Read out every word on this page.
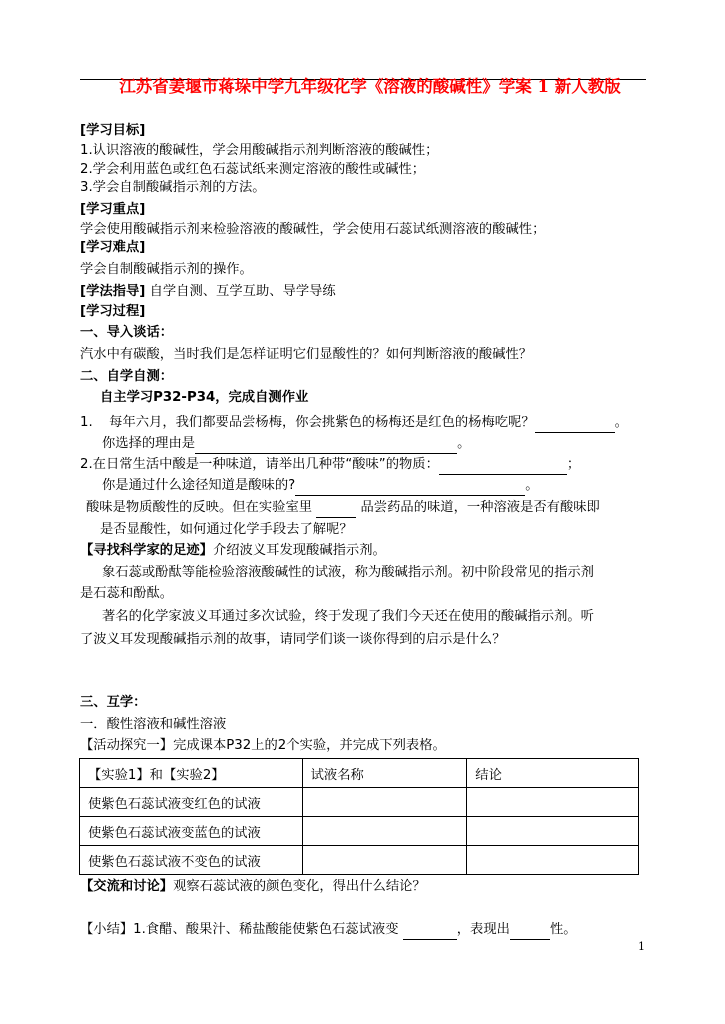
江苏省姜堰市蒋垛中学九年级化学《溶液的酸碱性》学案 1 新人教版
[学习目标]
1.认识溶液的酸碱性，学会用酸碱指示剂判断溶液的酸碱性；
2.学会利用蓝色或红色石蕊试纸来测定溶液的酸性或碱性；
3.学会自制酸碱指示剂的方法。
[学习重点]
学会使用酸碱指示剂来检验溶液的酸碱性，学会使用石蕊试纸测溶液的酸碱性；
[学习难点]
学会自制酸碱指示剂的操作。
[学法指导] 自学自测、互学互助、导学导练
[学习过程]
一、导入谈话：
汽水中有碳酸，当时我们是怎样证明它们显酸性的？如何判断溶液的酸碱性？
二、自学自测：
自主学习P32-P34，完成自测作业
1. 每年六月，我们都要品尝杨梅，你会挑紫色的杨梅还是红色的杨梅吃呢？	。
你选择的理由是	。
2.在日常生活中酸是一种味道，请举出几种带“酸味”的物质：	；
你是通过什么途径知道是酸味的?	。
酸味是物质酸性的反映。但在实验室里	品尝药品的味道，一种溶液是否有酸味即
是否显酸性，如何通过化学手段去了解呢？
【寻找科学家的足迹】介绍波义耳发现酸碱指示剂。
象石蕊或酚酞等能检验溶液酸碱性的试液，称为酸碱指示剂。初中阶段常见的指示剂
是石蕊和酚酞。
著名的化学家波义耳通过多次试验，终于发现了我们今天还在使用的酸碱指示剂。听
了波义耳发现酸碱指示剂的故事，请同学们谈一谈你得到的启示是什么？
三、互学：
一．酸性溶液和碱性溶液
【活动探究一】完成课本P32上的2个实验，并完成下列表格。
【实验1】和【实验2】	试液名称	结论
使紫色石蕊试液变红色的试液		
使紫色石蕊试液变蓝色的试液		
使紫色石蕊试液不变色的试液		
【交流和讨论】观察石蕊试液的颜色变化，得出什么结论？
【小结】1.食醋、酸果汁、稀盐酸能使紫色石蕊试液变	，表现出	性。
1
